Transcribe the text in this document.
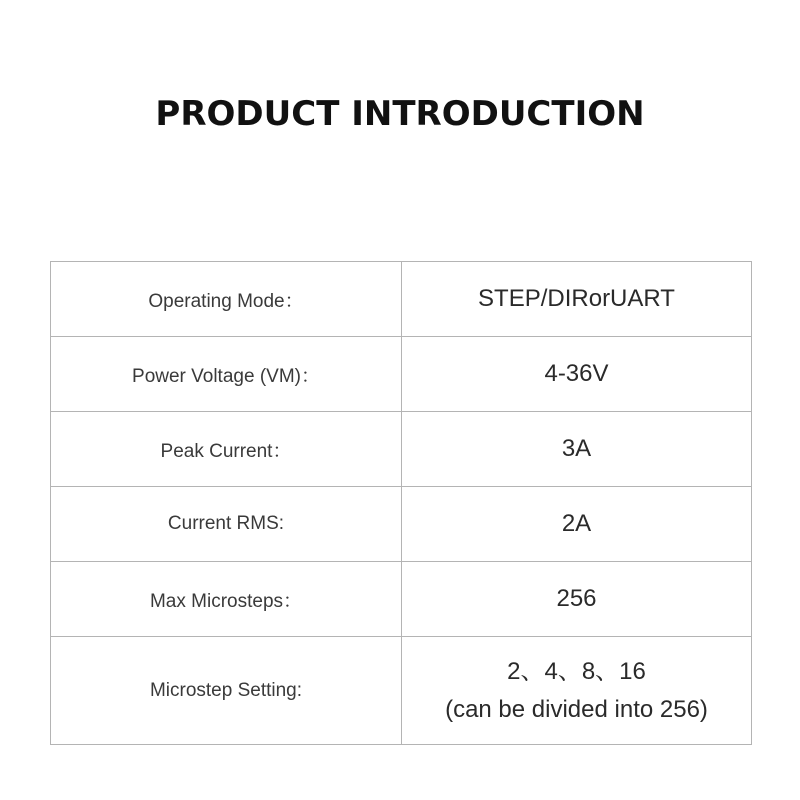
PRODUCT INTRODUCTION
Operating Mode：	STEP/DIRorUART
Power Voltage (VM)：	4-36V
Peak Current：	3A
Current RMS:	2A
Max Microsteps：	256
Microstep Setting:	2、4、8、16
(can be divided into 256)
